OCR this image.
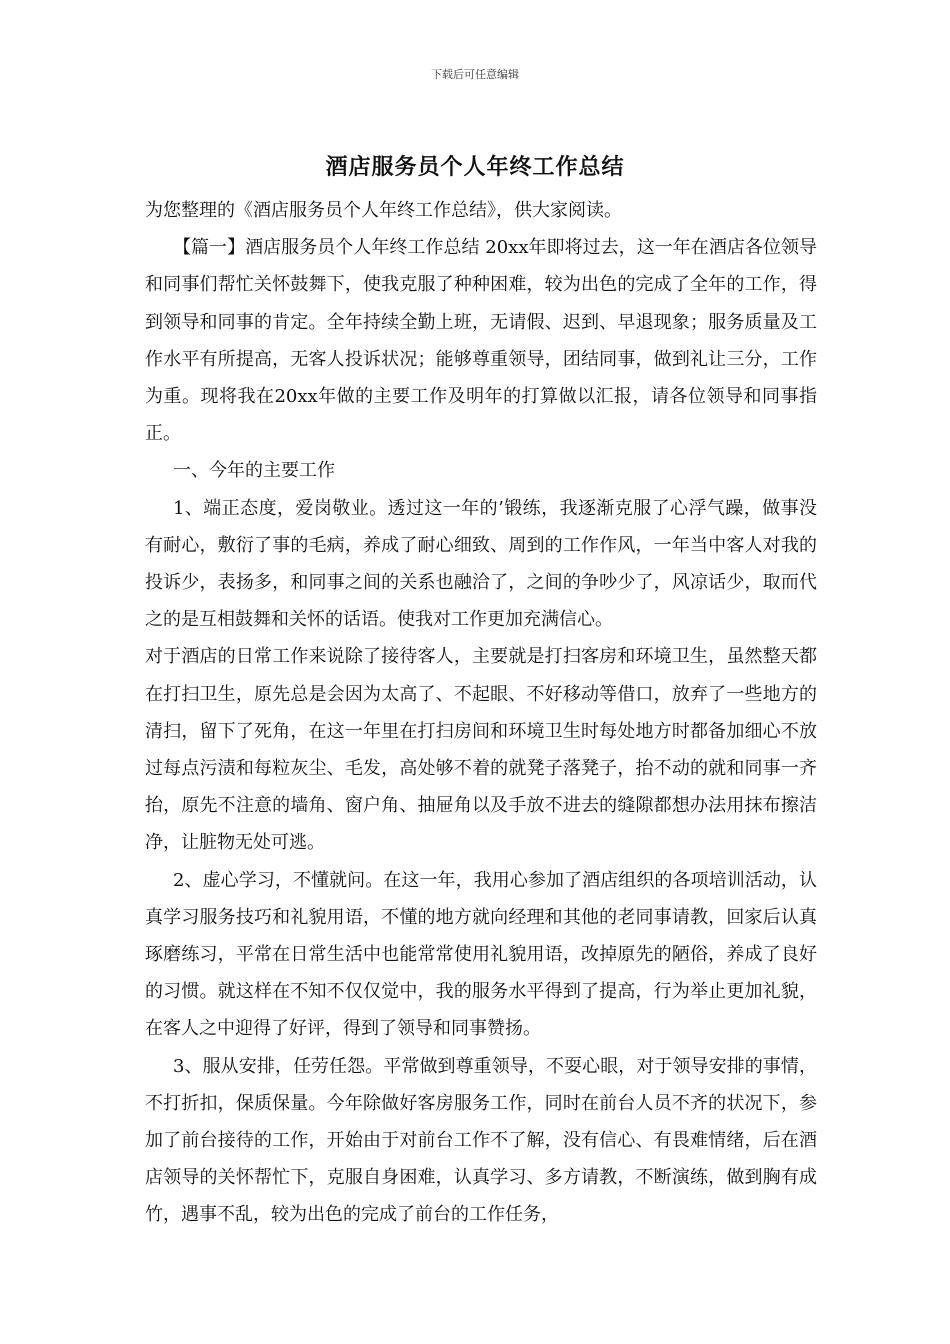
下载后可任意编辑
酒店服务员个人年终工作总结

为您整理的《酒店服务员个人年终工作总结》，供大家阅读。

【篇一】酒店服务员个人年终工作总结 20xx年即将过去，这一年在酒店各位领导和同事们帮忙关怀鼓舞下，使我克服了种种困难，较为出色的完成了全年的工作，得到领导和同事的肯定。全年持续全勤上班，无请假、迟到、早退现象；服务质量及工作水平有所提高，无客人投诉状况；能够尊重领导，团结同事，做到礼让三分，工作为重。现将我在20xx年做的主要工作及明年的打算做以汇报，请各位领导和同事指正。

一、今年的主要工作

1、端正态度，爱岗敬业。透过这一年的’锻练，我逐渐克服了心浮气躁，做事没有耐心，敷衍了事的毛病，养成了耐心细致、周到的工作作风，一年当中客人对我的投诉少，表扬多，和同事之间的关系也融洽了，之间的争吵少了，风凉话少，取而代之的是互相鼓舞和关怀的话语。使我对工作更加充满信心。

对于酒店的日常工作来说除了接待客人，主要就是打扫客房和环境卫生，虽然整天都在打扫卫生，原先总是会因为太高了、不起眼、不好移动等借口，放弃了一些地方的清扫，留下了死角，在这一年里在打扫房间和环境卫生时每处地方时都备加细心不放过每点污渍和每粒灰尘、毛发，高处够不着的就凳子落凳子，抬不动的就和同事一齐抬，原先不注意的墙角、窗户角、抽屉角以及手放不进去的缝隙都想办法用抹布擦洁净，让脏物无处可逃。

2、虚心学习，不懂就问。在这一年，我用心参加了酒店组织的各项培训活动，认真学习服务技巧和礼貌用语，不懂的地方就向经理和其他的老同事请教，回家后认真琢磨练习，平常在日常生活中也能常常使用礼貌用语，改掉原先的陋俗，养成了良好的习惯。就这样在不知不仅仅觉中，我的服务水平得到了提高，行为举止更加礼貌，在客人之中迎得了好评，得到了领导和同事赞扬。

3、服从安排，任劳任怨。平常做到尊重领导，不耍心眼，对于领导安排的事情，不打折扣，保质保量。今年除做好客房服务工作，同时在前台人员不齐的状况下，参加了前台接待的工作，开始由于对前台工作不了解，没有信心、有畏难情绪，后在酒店领导的关怀帮忙下，克服自身困难，认真学习、多方请教，不断演练，做到胸有成竹，遇事不乱，较为出色的完成了前台的工作任务，
